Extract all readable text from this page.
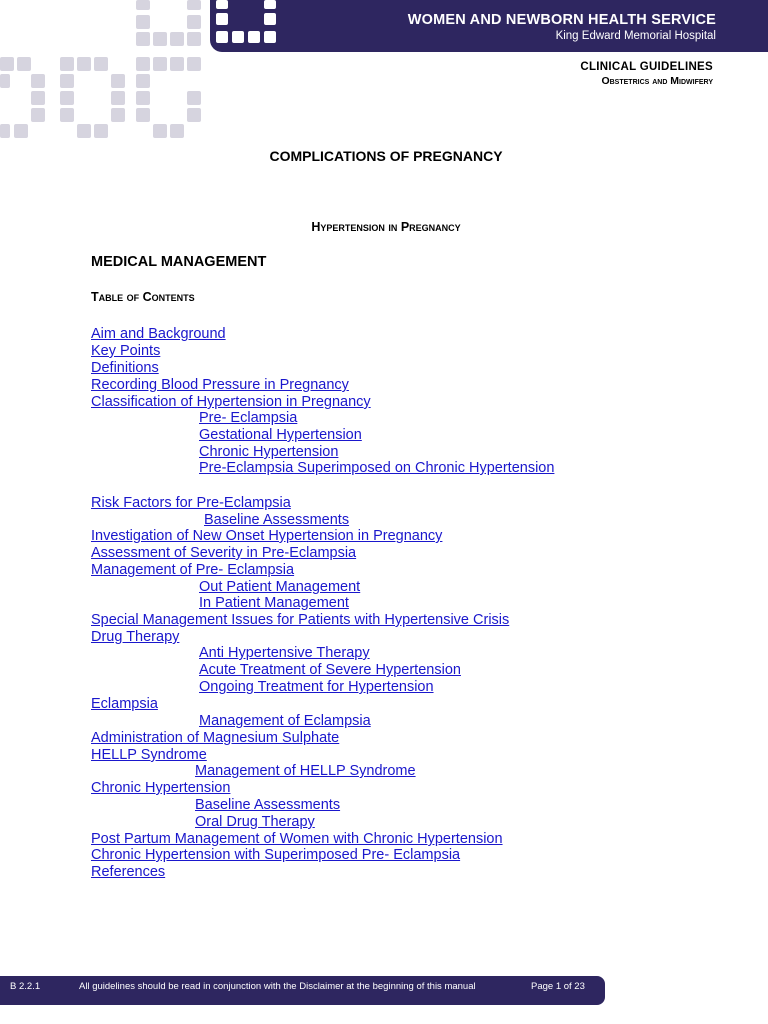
WOMEN AND NEWBORN HEALTH SERVICE
King Edward Memorial Hospital
CLINICAL GUIDELINES
Obstetrics and Midwifery
COMPLICATIONS OF PREGNANCY
Hypertension in Pregnancy
MEDICAL MANAGEMENT
Table of Contents
Aim and Background
Key Points
Definitions
Recording Blood Pressure in Pregnancy
Classification of Hypertension in Pregnancy
Pre- Eclampsia
Gestational Hypertension
Chronic Hypertension
Pre-Eclampsia Superimposed on Chronic Hypertension
Risk Factors for Pre-Eclampsia
Baseline Assessments
Investigation of New Onset Hypertension in Pregnancy
Assessment of Severity in Pre-Eclampsia
Management of Pre- Eclampsia
Out Patient Management
In Patient Management
Special Management Issues for Patients with Hypertensive Crisis
Drug Therapy
Anti Hypertensive Therapy
Acute Treatment of Severe Hypertension
Ongoing Treatment for Hypertension
Eclampsia
Management of Eclampsia
Administration of Magnesium Sulphate
HELLP Syndrome
Management of HELLP Syndrome
Chronic Hypertension
Baseline Assessments
Oral Drug Therapy
Post Partum Management of Women with Chronic Hypertension
Chronic Hypertension with Superimposed Pre- Eclampsia
References
B 2.2.1	All guidelines should be read in conjunction with the Disclaimer at the beginning of this manual	Page 1 of 23
